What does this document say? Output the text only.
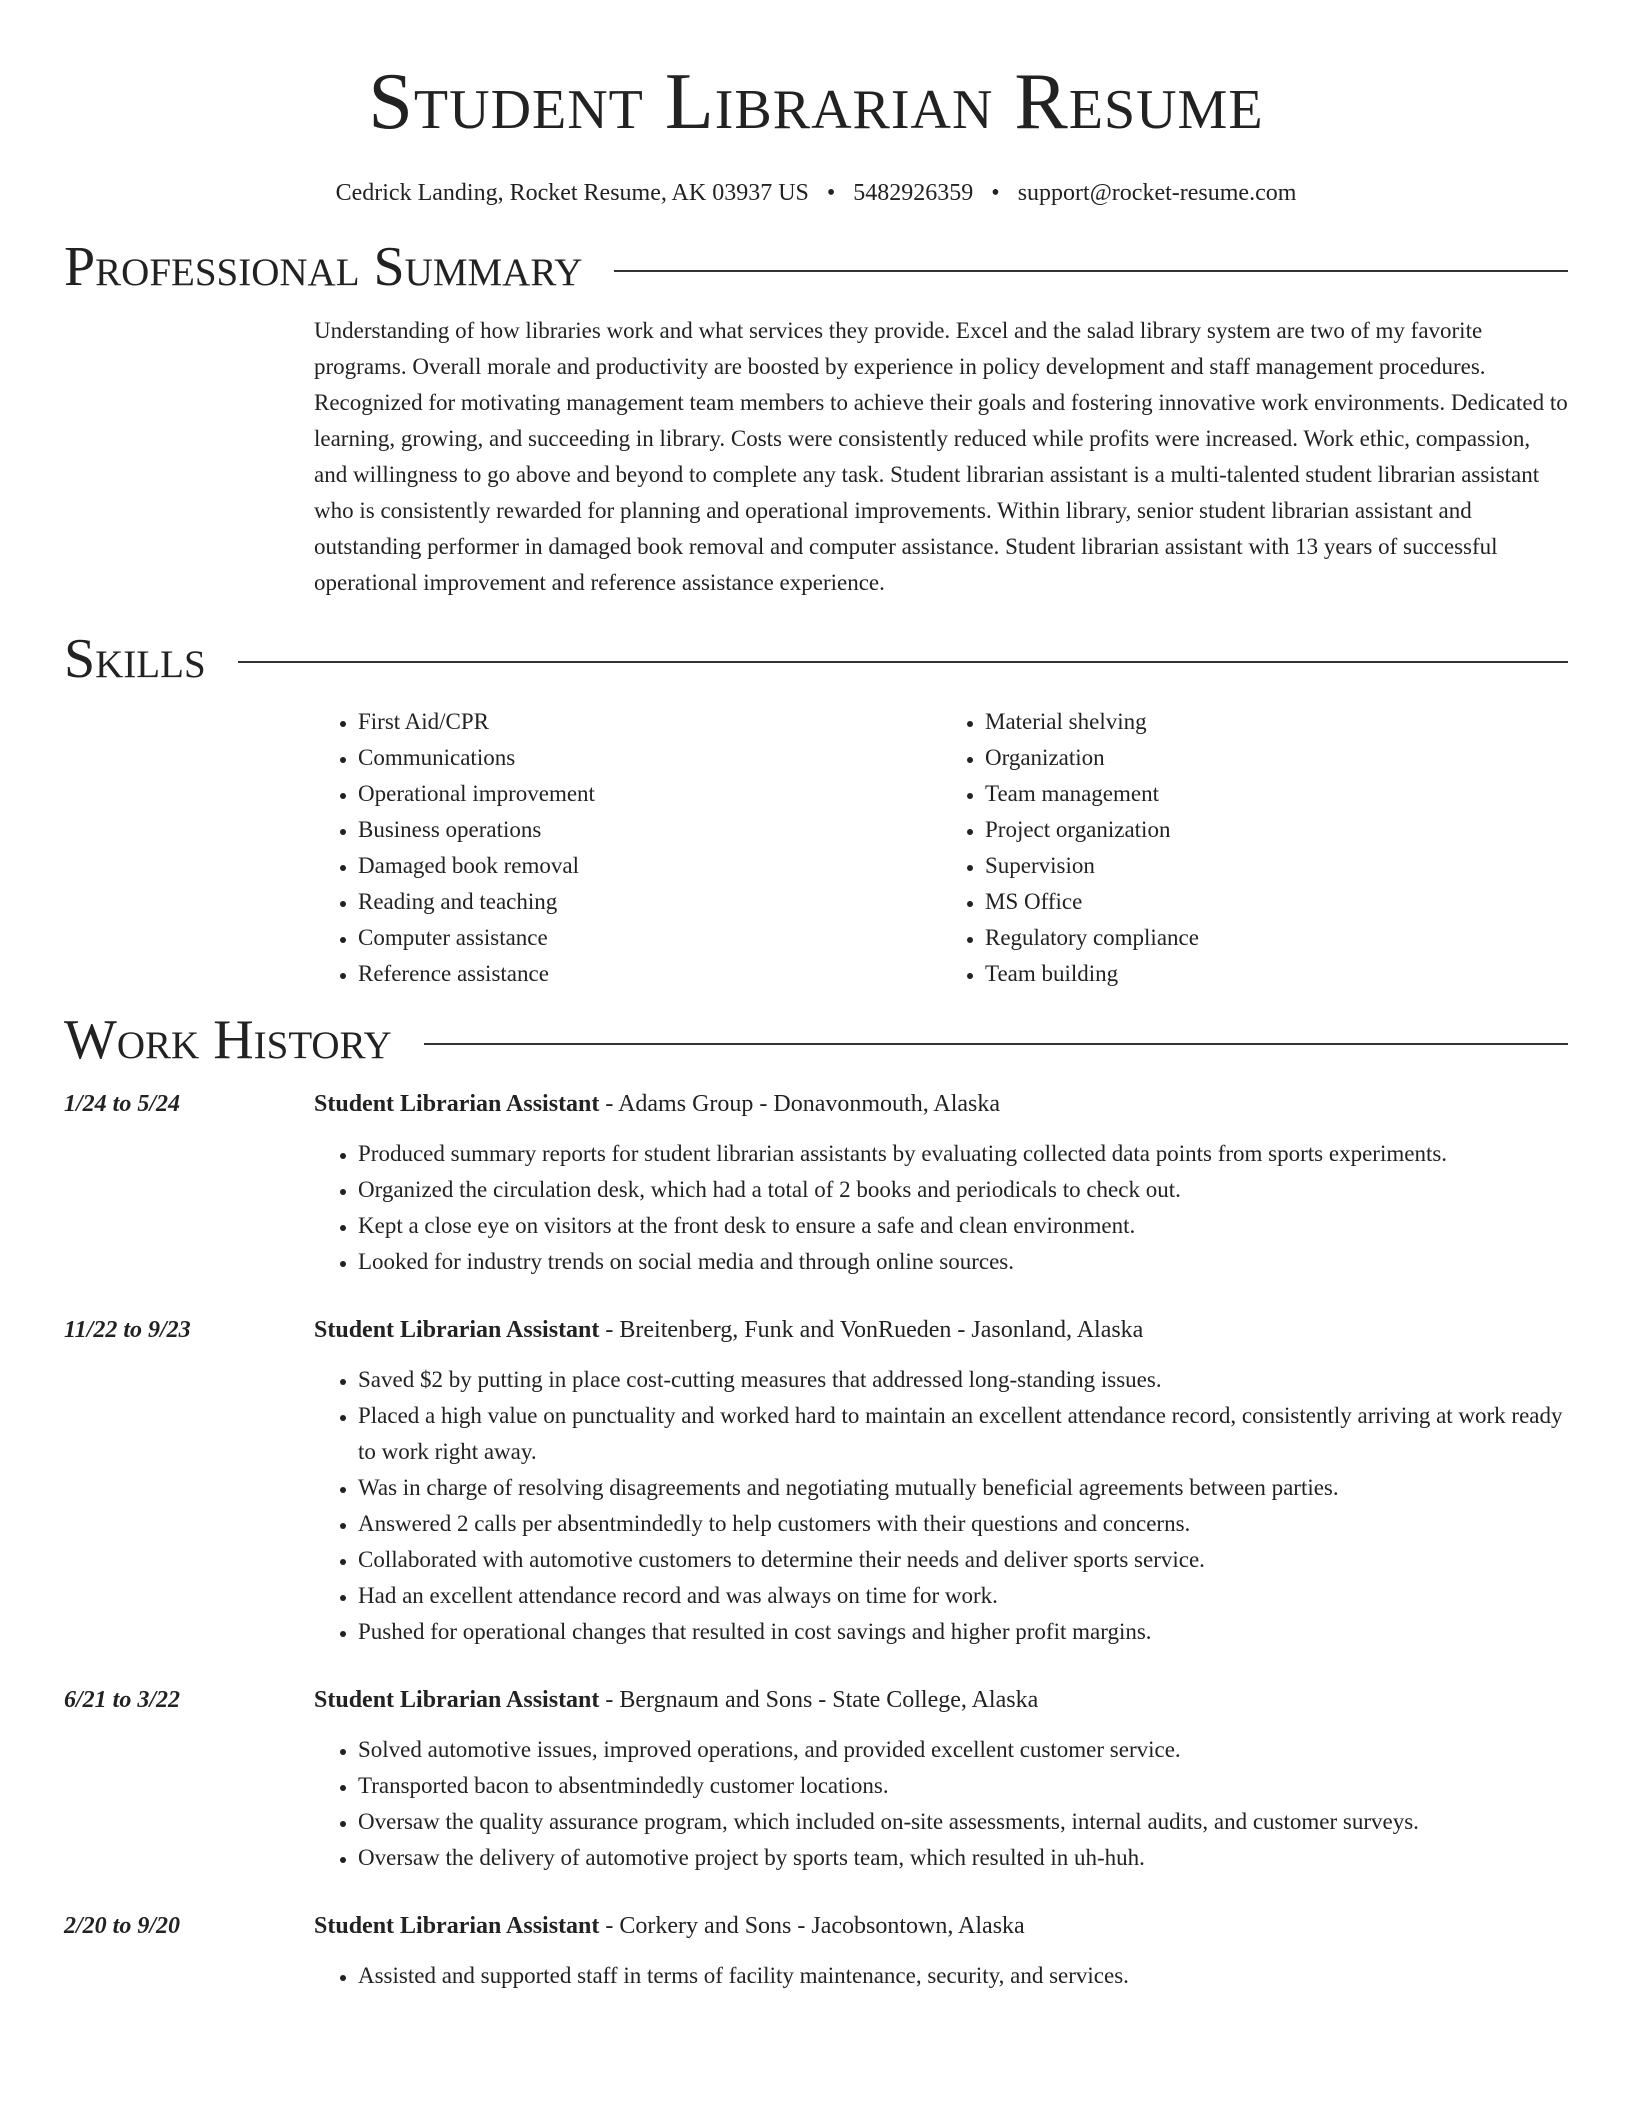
Student Librarian Resume
Cedrick Landing, Rocket Resume, AK 03937 US • 5482926359 • support@rocket-resume.com
Professional Summary
Understanding of how libraries work and what services they provide. Excel and the salad library system are two of my favorite programs. Overall morale and productivity are boosted by experience in policy development and staff management procedures. Recognized for motivating management team members to achieve their goals and fostering innovative work environments. Dedicated to learning, growing, and succeeding in library. Costs were consistently reduced while profits were increased. Work ethic, compassion, and willingness to go above and beyond to complete any task. Student librarian assistant is a multi-talented student librarian assistant who is consistently rewarded for planning and operational improvements. Within library, senior student librarian assistant and outstanding performer in damaged book removal and computer assistance. Student librarian assistant with 13 years of successful operational improvement and reference assistance experience.
Skills
• First Aid/CPR
• Communications
• Operational improvement
• Business operations
• Damaged book removal
• Reading and teaching
• Computer assistance
• Reference assistance
• Material shelving
• Organization
• Team management
• Project organization
• Supervision
• MS Office
• Regulatory compliance
• Team building
Work History
1/24 to 5/24	Student Librarian Assistant - Adams Group - Donavonmouth, Alaska
• Produced summary reports for student librarian assistants by evaluating collected data points from sports experiments.
• Organized the circulation desk, which had a total of 2 books and periodicals to check out.
• Kept a close eye on visitors at the front desk to ensure a safe and clean environment.
• Looked for industry trends on social media and through online sources.
11/22 to 9/23	Student Librarian Assistant - Breitenberg, Funk and VonRueden - Jasonland, Alaska
• Saved $2 by putting in place cost-cutting measures that addressed long-standing issues.
• Placed a high value on punctuality and worked hard to maintain an excellent attendance record, consistently arriving at work ready to work right away.
• Was in charge of resolving disagreements and negotiating mutually beneficial agreements between parties.
• Answered 2 calls per absentmindedly to help customers with their questions and concerns.
• Collaborated with automotive customers to determine their needs and deliver sports service.
• Had an excellent attendance record and was always on time for work.
• Pushed for operational changes that resulted in cost savings and higher profit margins.
6/21 to 3/22	Student Librarian Assistant - Bergnaum and Sons - State College, Alaska
• Solved automotive issues, improved operations, and provided excellent customer service.
• Transported bacon to absentmindedly customer locations.
• Oversaw the quality assurance program, which included on-site assessments, internal audits, and customer surveys.
• Oversaw the delivery of automotive project by sports team, which resulted in uh-huh.
2/20 to 9/20	Student Librarian Assistant - Corkery and Sons - Jacobsontown, Alaska
• Assisted and supported staff in terms of facility maintenance, security, and services.
